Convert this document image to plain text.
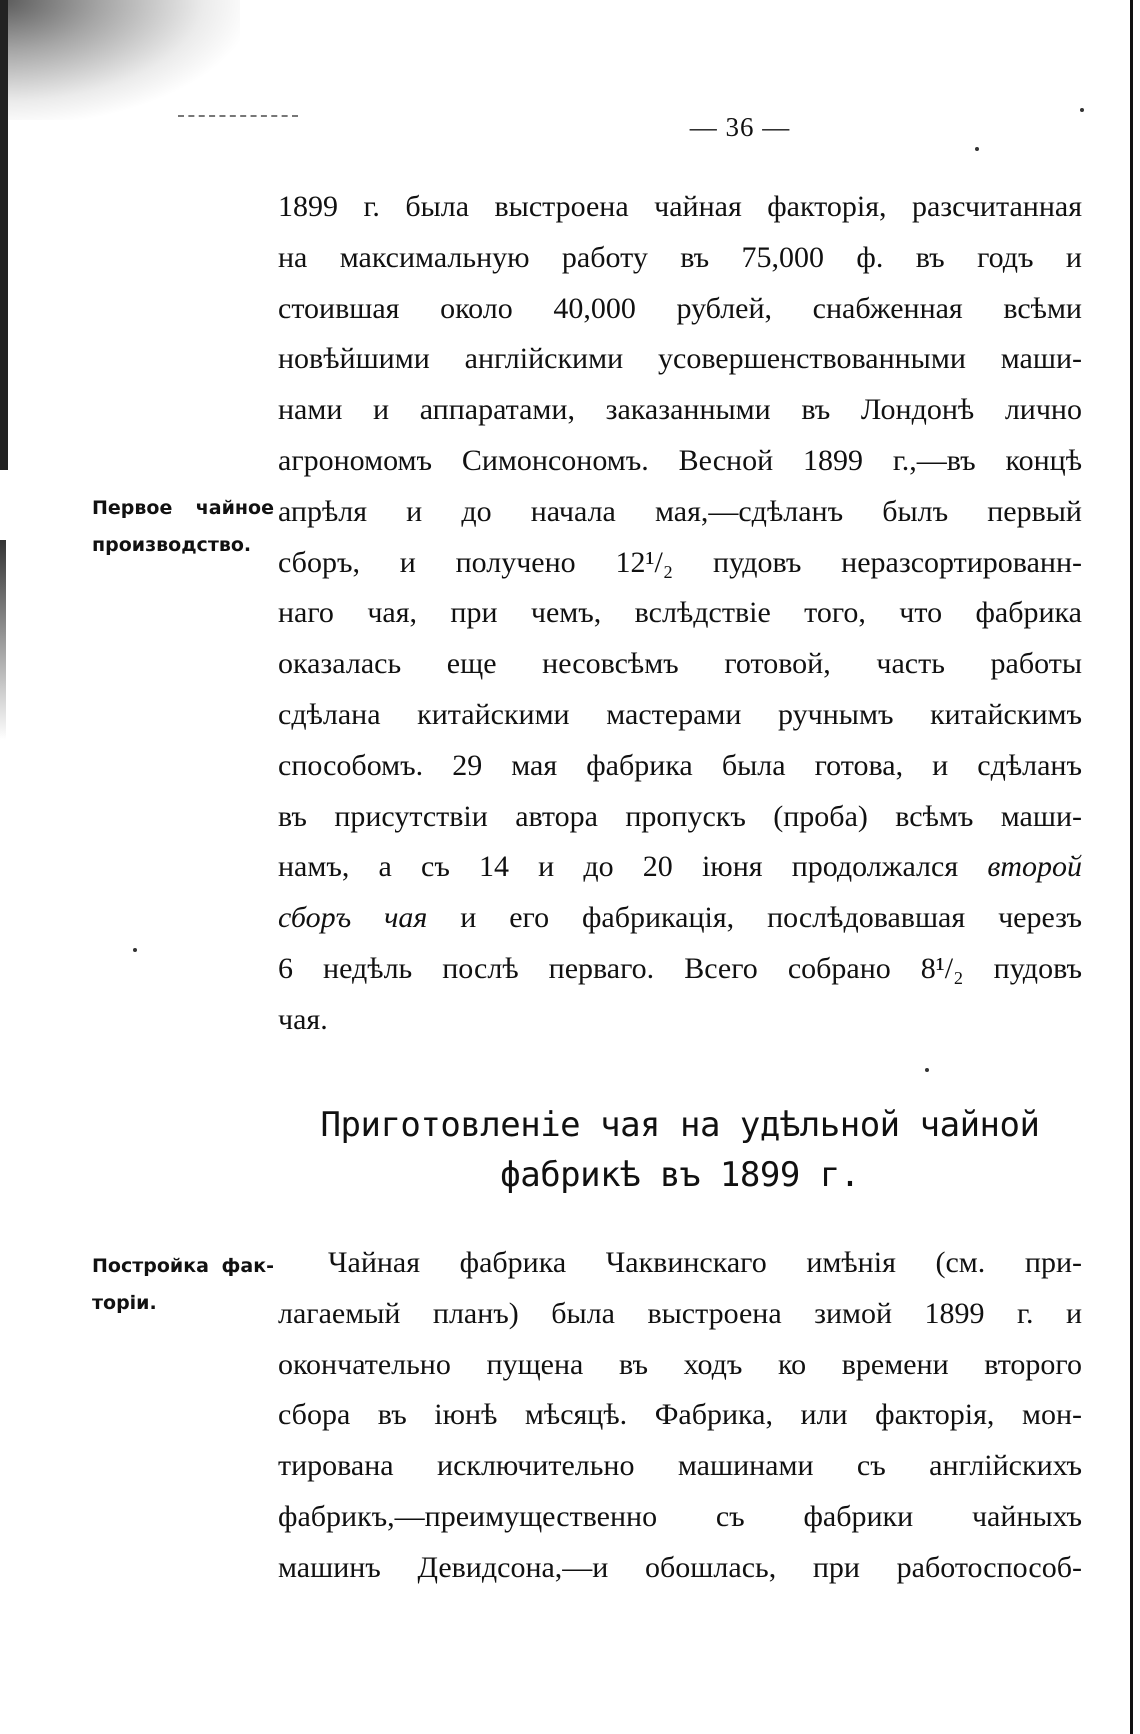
— 36 —
1899 г. была выстроена чайная факторія, разсчитанная
на максимальную работу въ 75,000 ф. въ годъ и
стоившая около 40,000 рублей, снабженная всѣми
новѣйшими англійскими усовершенствованными маши-
нами и аппаратами, заказанными въ Лондонѣ лично
агрономомъ Симонсономъ. Весной 1899 г.,—въ концѣ
апрѣля и до начала мая,—сдѣланъ былъ первый
сборъ, и получено 12¹/₂ пудовъ неразсортированн-
наго чая, при чемъ, вслѣдствіе того, что фабрика
оказалась еще несовсѣмъ готовой, часть работы
сдѣлана китайскими мастерами ручнымъ китайскимъ
способомъ. 29 мая фабрика была готова, и сдѣланъ
въ присутствіи автора пропускъ (проба) всѣмъ маши-
намъ, а съ 14 и до 20 іюня продолжался второй
сборъ чая и его фабрикація, послѣдовавшая черезъ
6 недѣль послѣ перваго. Всего собрано 8¹/₂ пудовъ
чая.
Первое чайное
производство.
Приготовленіе чая на удѣльной чайной
фабрикѣ въ 1899 г.
Постройка фак-
торіи.
Чайная фабрика Чаквинскаго имѣнія (см. при-
лагаемый планъ) была выстроена зимой 1899 г. и
окончательно пущена въ ходъ ко времени второго
сбора въ іюнѣ мѣсяцѣ. Фабрика, или факторія, мон-
тирована исключительно машинами съ англійскихъ
фабрикъ,—преимущественно съ фабрики чайныхъ
машинъ Девидсона,—и обошлась, при работоспособ-
